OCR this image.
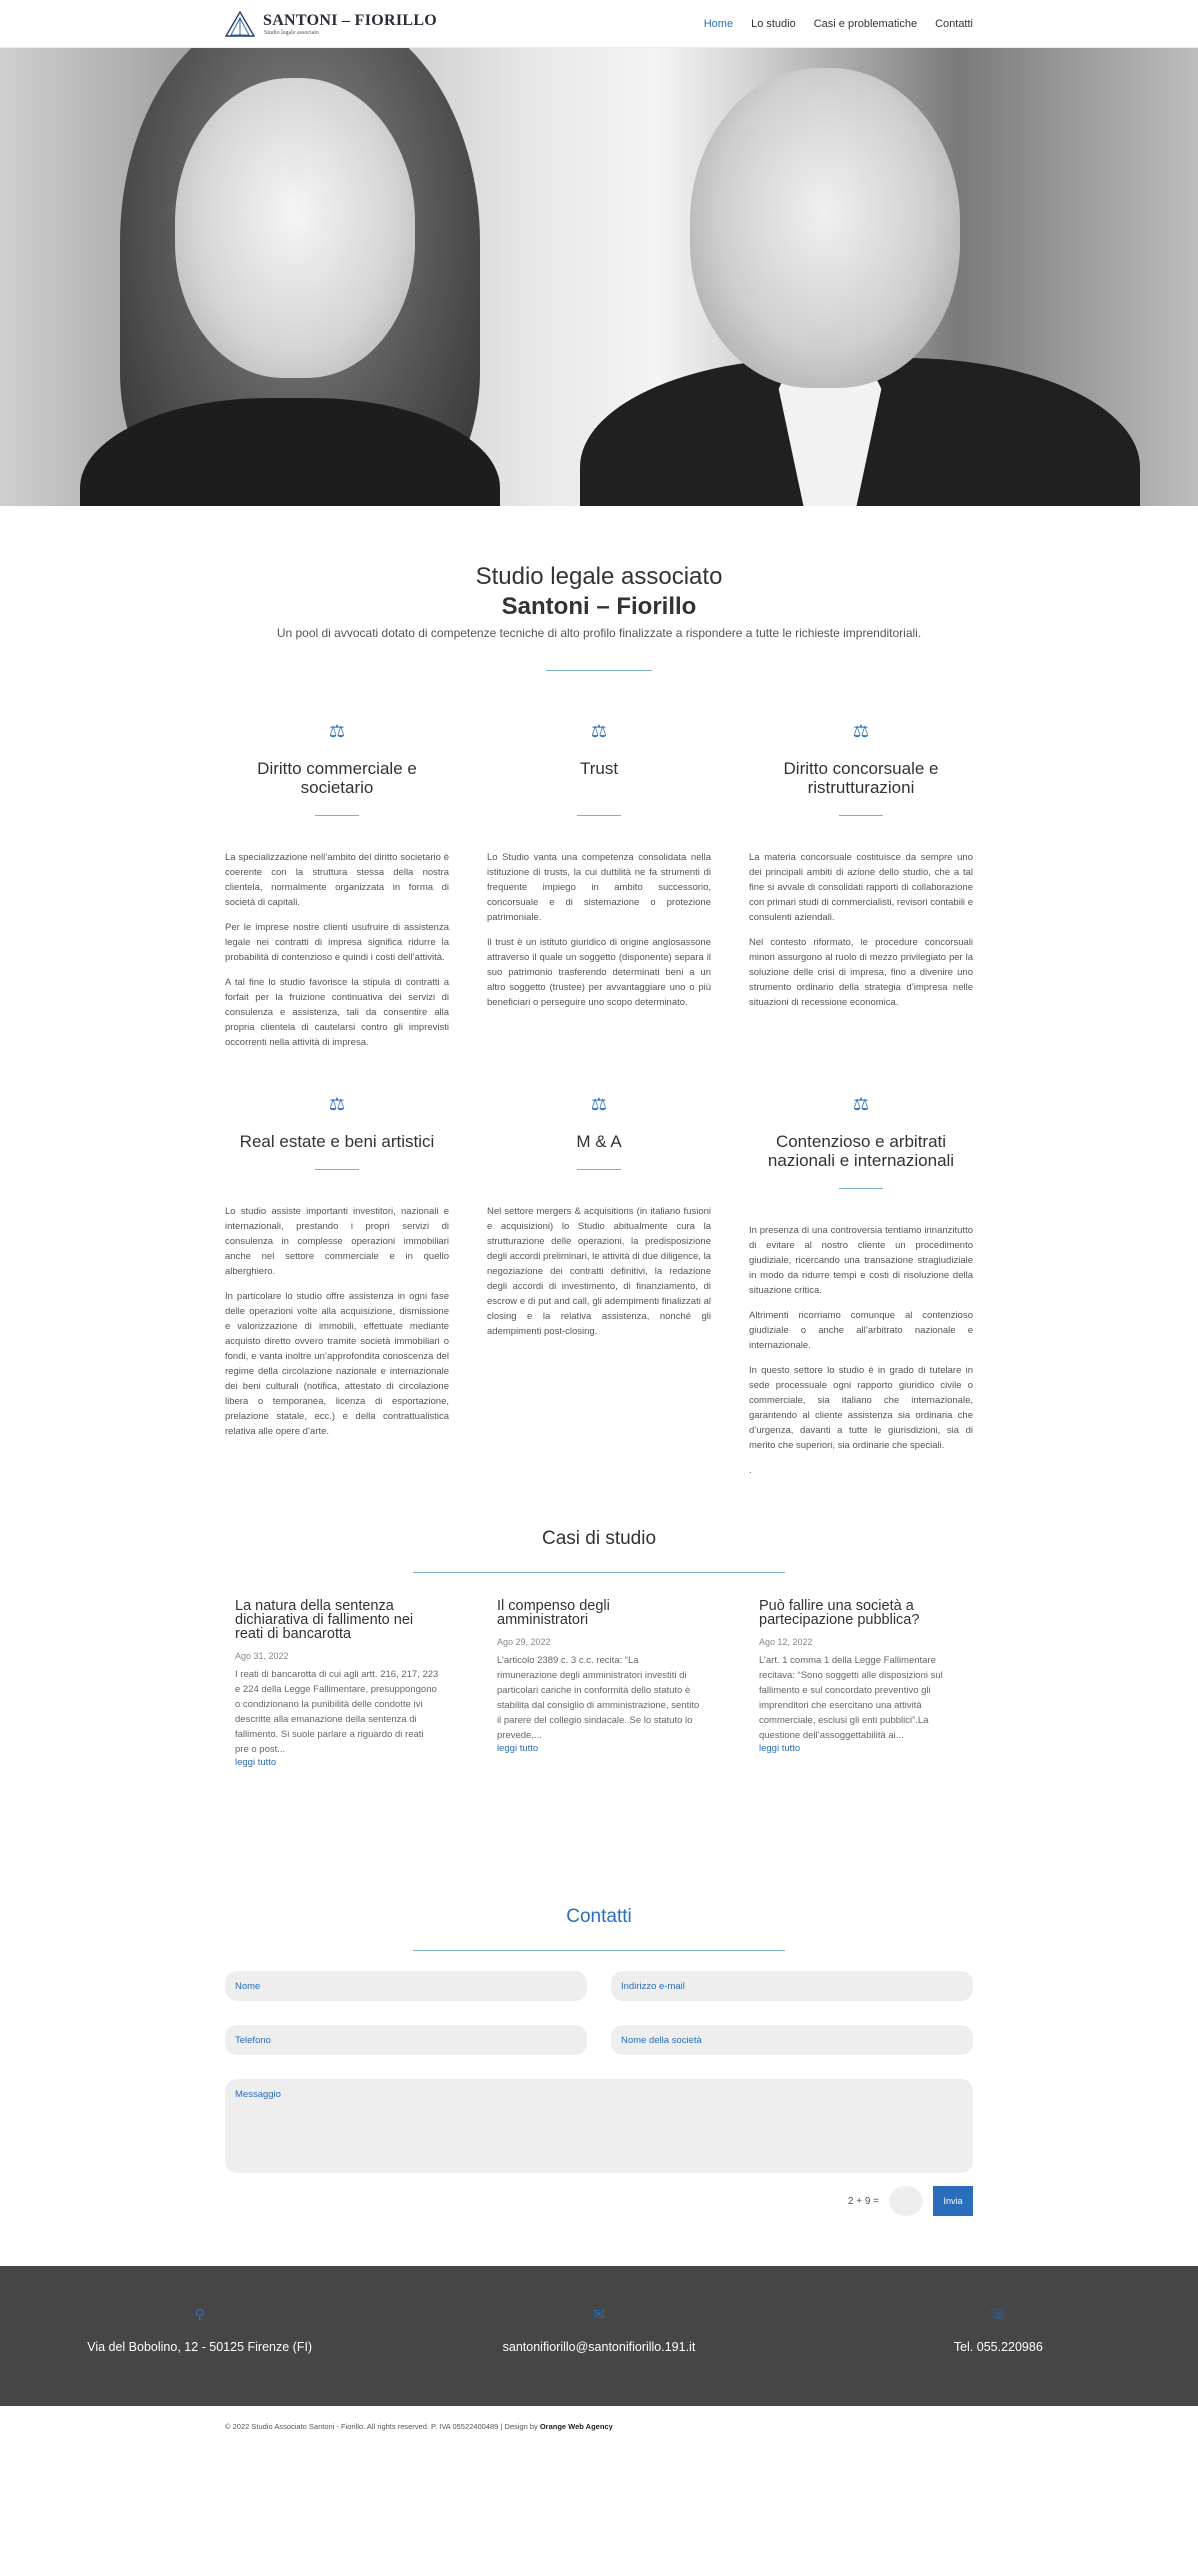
SANTONI – FIORILLO
Studio legale associato
Home Lo studio Casi e problematiche Contatti
Studio legale associato
Santoni – Fiorillo

Un pool di avvocati dotato di competenze tecniche di alto profilo finalizzate a rispondere a tutte le richieste imprenditoriali.

⚖
Diritto commerciale e societario

La specializzazione nell’ambito del diritto societario è coerente con la struttura stessa della nostra clientela, normalmente organizzata in forma di società di capitali.

Per le imprese nostre clienti usufruire di assistenza legale nei contratti di impresa significa ridurre la probabilità di contenzioso e quindi i costi dell’attività.

A tal fine lo studio favorisce la stipula di contratti a forfait per la fruizione continuativa dei servizi di consulenza e assistenza, tali da consentire alla propria clientela di cautelarsi contro gli imprevisti occorrenti nella attività di impresa.

⚖
Trust

Lo Studio vanta una competenza consolidata nella istituzione di trusts, la cui duttilità ne fa strumenti di frequente impiego in ambito successorio, concorsuale e di sistemazione o protezione patrimoniale.

Il trust è un istituto giuridico di origine anglosassone attraverso il quale un soggetto (disponente) separa il suo patrimonio trasferendo determinati beni a un altro soggetto (trustee) per avvantaggiare uno o più beneficiari o perseguire uno scopo determinato.

⚖
Diritto concorsuale e ristrutturazioni

La materia concorsuale costituisce da sempre uno dei principali ambiti di azione dello studio, che a tal fine si avvale di consolidati rapporti di collaborazione con primari studi di commercialisti, revisori contabili e consulenti aziendali.

Nel contesto riformato, le procedure concorsuali minori assurgono al ruolo di mezzo privilegiato per la soluzione delle crisi di impresa, fino a divenire uno strumento ordinario della strategia d’impresa nelle situazioni di recessione economica.

⚖
Real estate e beni artistici

Lo studio assiste importanti investitori, nazionali e internazionali, prestando i propri servizi di consulenza in complesse operazioni immobiliari anche nel settore commerciale e in quello alberghiero.

In particolare lo studio offre assistenza in ogni fase delle operazioni volte alla acquisizione, dismissione e valorizzazione di immobili, effettuate mediante acquisto diretto ovvero tramite società immobiliari o fondi, e vanta inoltre un’approfondita conoscenza del regime della circolazione nazionale e internazionale dei beni culturali (notifica, attestato di circolazione libera o temporanea, licenza di esportazione, prelazione statale, ecc.) e della contrattualistica relativa alle opere d’arte.

⚖
M & A

Nel settore mergers & acquisitions (in italiano fusioni e acquisizioni) lo Studio abitualmente cura la strutturazione delle operazioni, la predisposizione degli accordi preliminari, le attività di due diligence, la negoziazione dei contratti definitivi, la redazione degli accordi di investimento, di finanziamento, di escrow e di put and call, gli adempimenti finalizzati al closing e la relativa assistenza, nonché gli adempimenti post-closing.

⚖
Contenzioso e arbitrati nazionali e internazionali

In presenza di una controversia tentiamo innanzitutto di evitare al nostro cliente un procedimento giudiziale, ricercando una transazione stragiudiziale in modo da ridurre tempi e costi di risoluzione della situazione critica.

Altrimenti ricorriamo comunque al contenzioso giudiziale o anche all’arbitrato nazionale e internazionale.

In questo settore lo studio è in grado di tutelare in sede processuale ogni rapporto giuridico civile o commerciale, sia italiano che internazionale, garantendo al cliente assistenza sia ordinaria che d’urgenza, davanti a tutte le giurisdizioni, sia di merito che superiori, sia ordinarie che speciali.

.

Casi di studio
La natura della sentenza dichiarativa di fallimento nei reati di bancarotta
Ago 31, 2022
I reati di bancarotta di cui agli artt. 216, 217, 223 e 224 della Legge Fallimentare, presuppongono o condizionano la punibilità delle condotte ivi descritte alla emanazione della sentenza di fallimento. Si suole parlare a riguardo di reati pre o post...
leggi tutto
Il compenso degli amministratori
Ago 29, 2022
L’articolo 2389 c. 3 c.c. recita: “La rimunerazione degli amministratori investiti di particolari cariche in conformità dello statuto è stabilita dal consiglio di amministrazione, sentito il parere del collegio sindacale. Se lo statuto lo prevede,...
leggi tutto
Può fallire una società a partecipazione pubblica?
Ago 12, 2022
L’art. 1 comma 1 della Legge Fallimentare recitava: “Sono soggetti alle disposizioni sul fallimento e sul concordato preventivo gli imprenditori che esercitano una attività commerciale, esclusi gli enti pubblici”.La questione dell’assoggettabilità ai...
leggi tutto
Contatti
Nome
Indirizzo e-mail
Telefono
Nome della società
Messaggio
2 + 9 =	Invia
⚲
Via del Bobolino, 12 - 50125 Firenze (FI)
✉
santonifiorillo@santonifiorillo.191.it
☏
Tel. 055.220986
© 2022 Studio Associato Santoni - Fiorillo. All rights reserved. P. IVA 05522400489 | Design by Orange Web Agency
